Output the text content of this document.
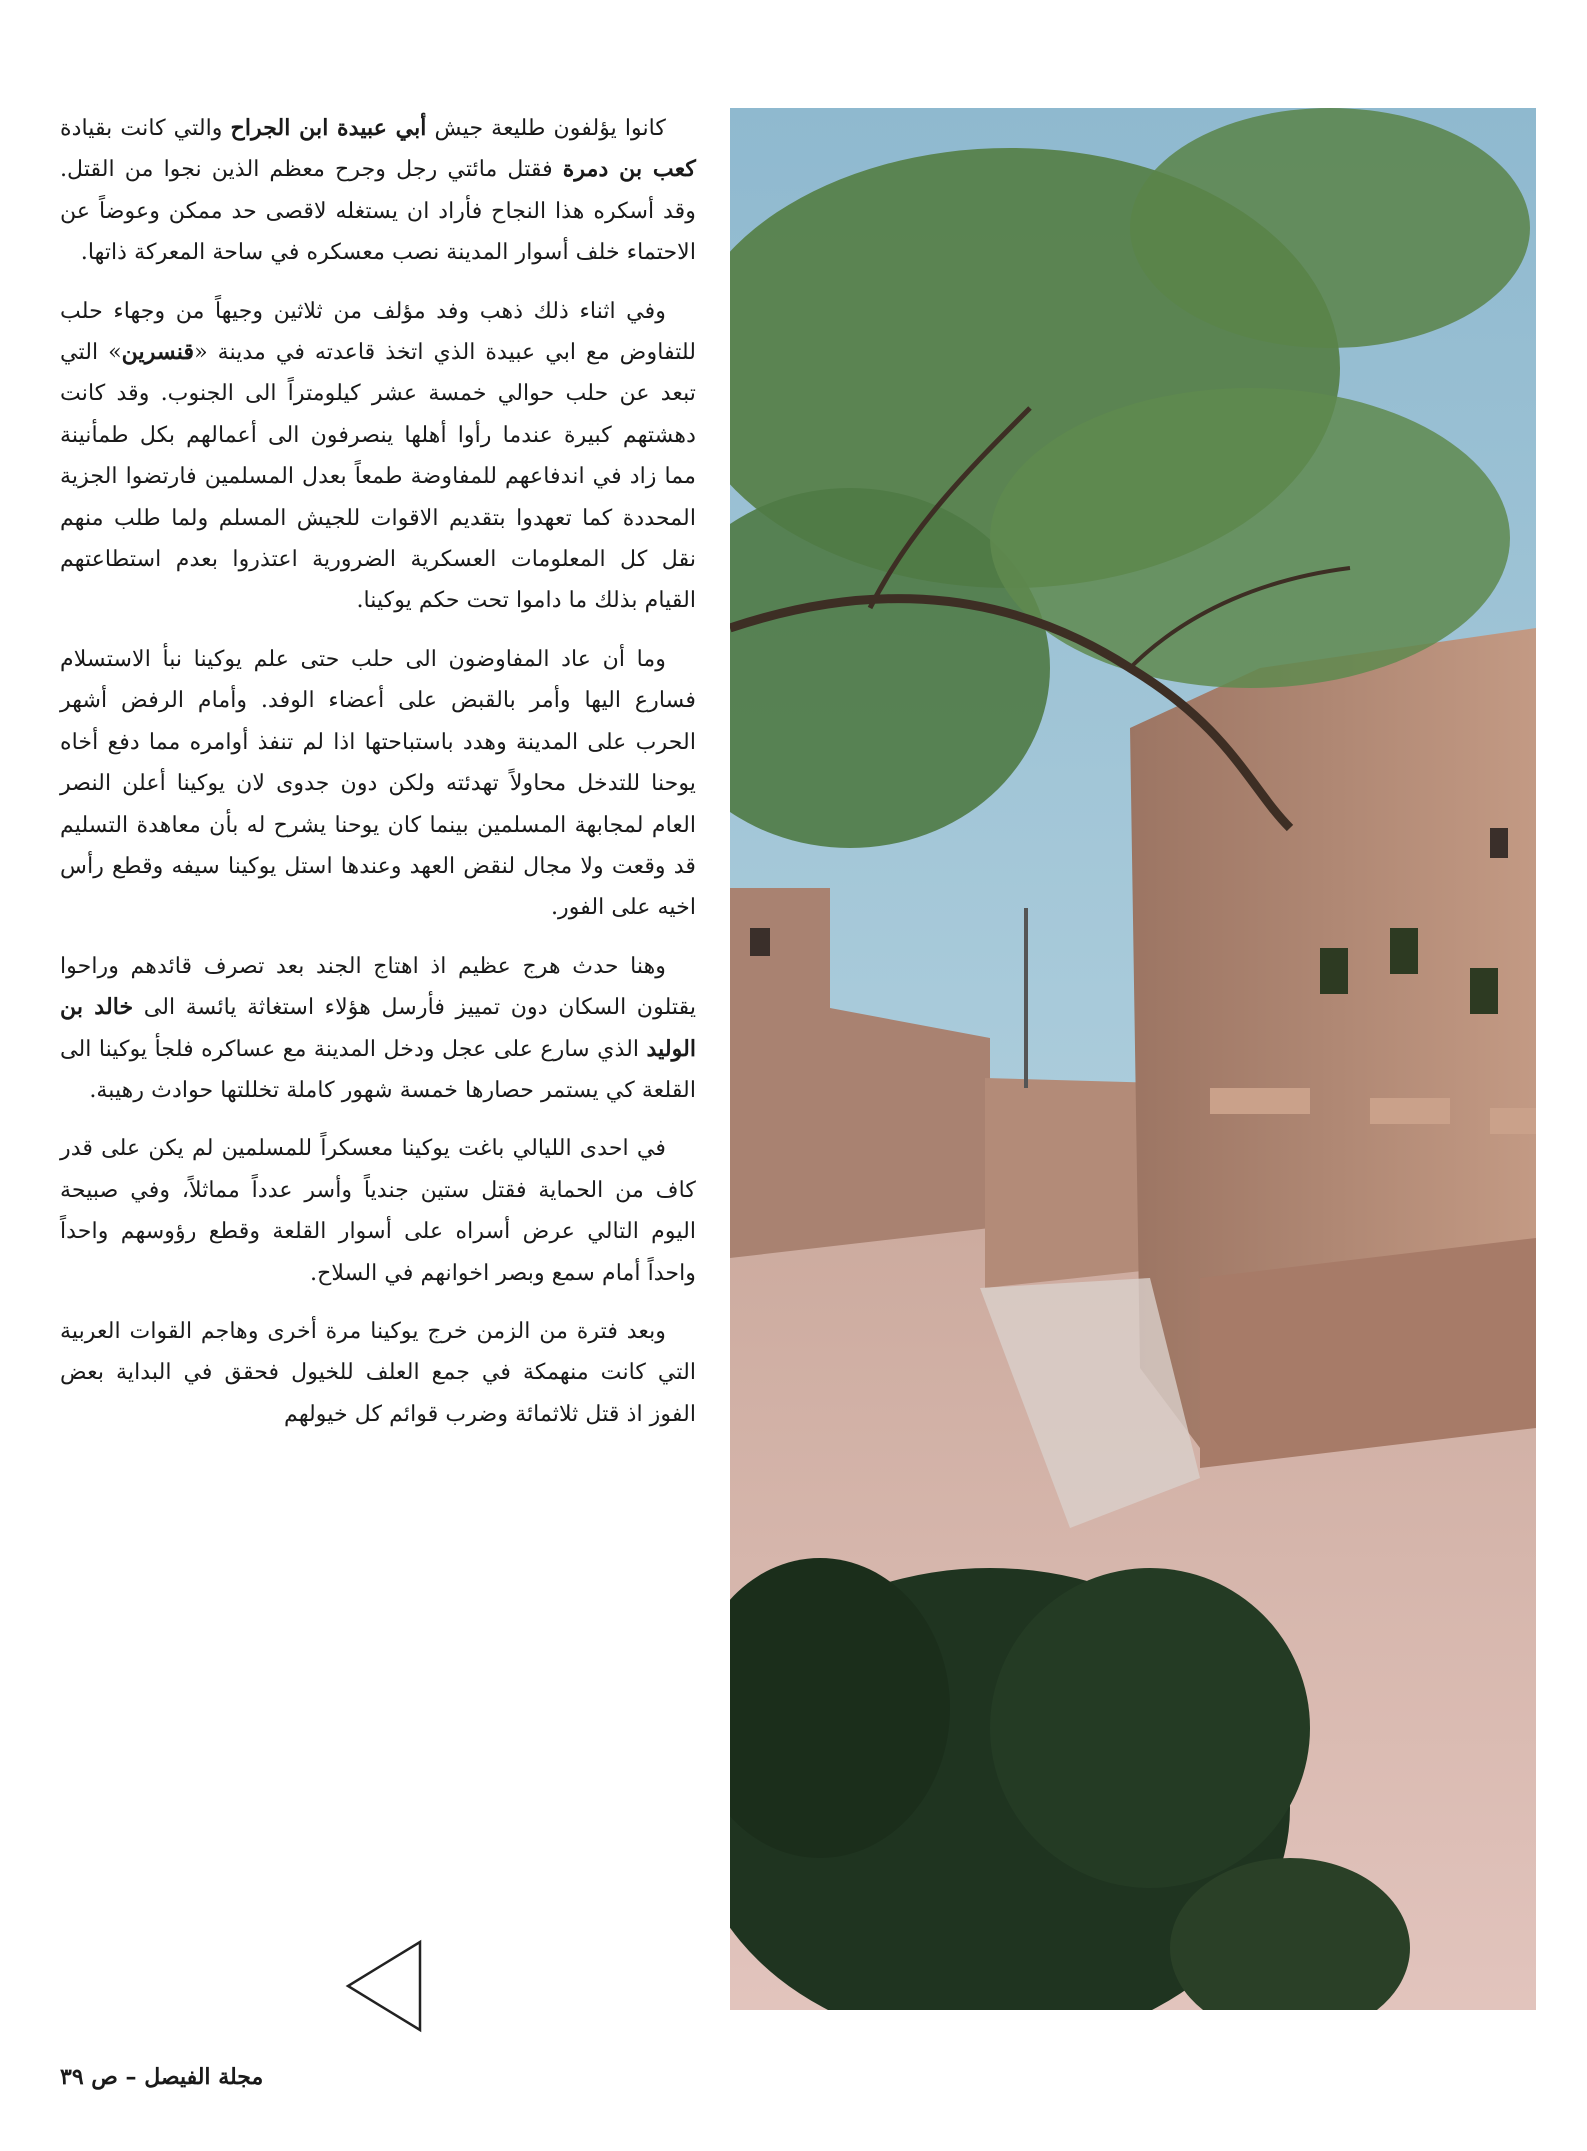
كانوا يؤلفون طليعة جيش أبي عبيدة ابن الجراح والتي كانت بقيادة كعب بن دمرة فقتل مائتي رجل وجرح معظم الذين نجوا من القتل. وقد أسكره هذا النجاح فأراد ان يستغله لاقصى حد ممكن وعوضاً عن الاحتماء خلف أسوار المدينة نصب معسكره في ساحة المعركة ذاتها.

وفي اثناء ذلك ذهب وفد مؤلف من ثلاثين وجيهاً من وجهاء حلب للتفاوض مع ابي عبيدة الذي اتخذ قاعدته في مدينة «قنسرين» التي تبعد عن حلب حوالي خمسة عشر كيلومتراً الى الجنوب. وقد كانت دهشتهم كبيرة عندما رأوا أهلها ينصرفون الى أعمالهم بكل طمأنينة مما زاد في اندفاعهم للمفاوضة طمعاً بعدل المسلمين فارتضوا الجزية المحددة كما تعهدوا بتقديم الاقوات للجيش المسلم ولما طلب منهم نقل كل المعلومات العسكرية الضرورية اعتذروا بعدم استطاعتهم القيام بذلك ما داموا تحت حكم يوكينا.

وما أن عاد المفاوضون الى حلب حتى علم يوكينا نبأ الاستسلام فسارع اليها وأمر بالقبض على أعضاء الوفد. وأمام الرفض أشهر الحرب على المدينة وهدد باستباحتها اذا لم تنفذ أوامره مما دفع أخاه يوحنا للتدخل محاولاً تهدئته ولكن دون جدوى لان يوكينا أعلن النصر العام لمجابهة المسلمين بينما كان يوحنا يشرح له بأن معاهدة التسليم قد وقعت ولا مجال لنقض العهد وعندها استل يوكينا سيفه وقطع رأس اخيه على الفور.

وهنا حدث هرج عظيم اذ اهتاج الجند بعد تصرف قائدهم وراحوا يقتلون السكان دون تمييز فأرسل هؤلاء استغاثة يائسة الى خالد بن الوليد الذي سارع على عجل ودخل المدينة مع عساكره فلجأ يوكينا الى القلعة كي يستمر حصارها خمسة شهور كاملة تخللتها حوادث رهيبة.

في احدى الليالي باغت يوكينا معسكراً للمسلمين لم يكن على قدر كاف من الحماية فقتل ستين جندياً وأسر عدداً مماثلاً، وفي صبيحة اليوم التالي عرض أسراه على أسوار القلعة وقطع رؤوسهم واحداً واحداً أمام سمع وبصر اخوانهم في السلاح.

وبعد فترة من الزمن خرج يوكينا مرة أخرى وهاجم القوات العربية التي كانت منهمكة في جمع العلف للخيول فحقق في البداية بعض الفوز اذ قتل ثلاثمائة وضرب قوائم كل خيولهم

مجلة الفيصل – ص ٣٩
